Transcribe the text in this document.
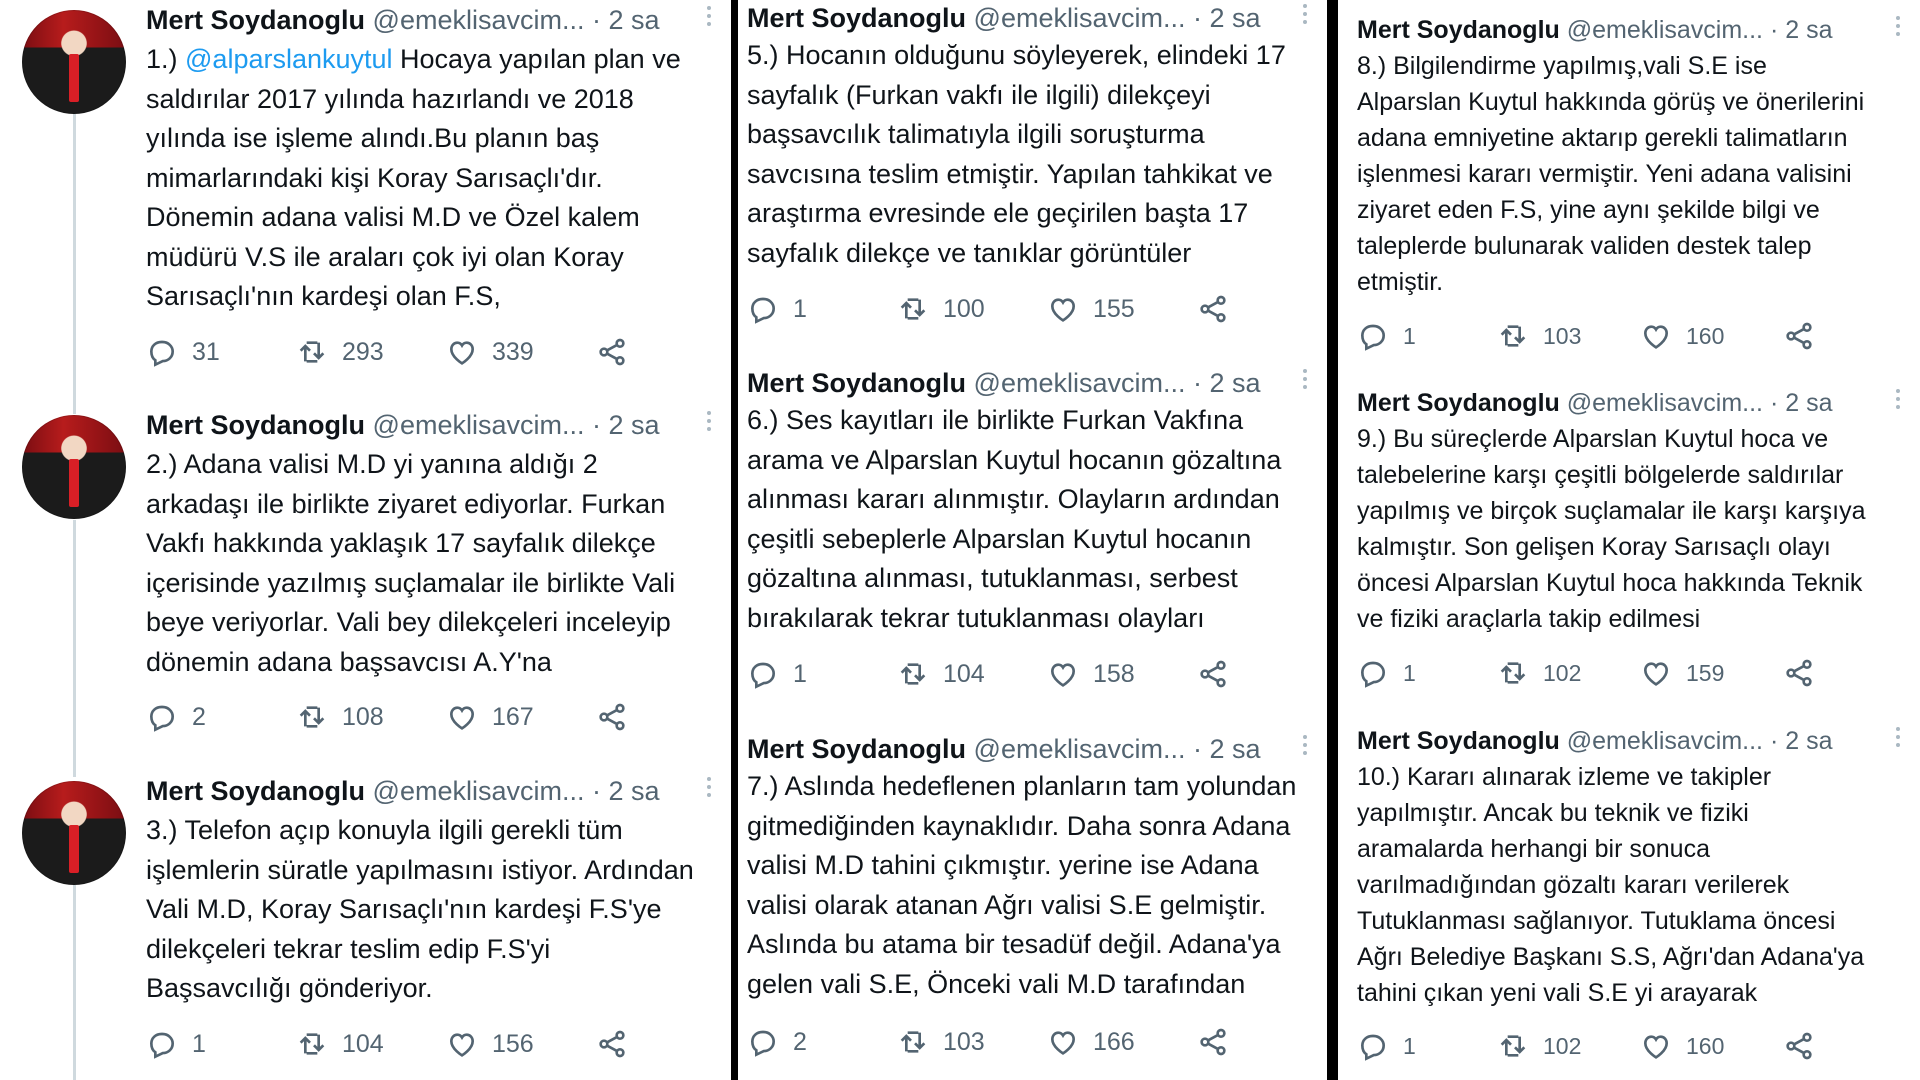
Mert Soydanoglu @emeklisavcim... · 2 sa
1.) @alparslankuytul Hocaya yapılan plan ve
saldırılar 2017 yılında hazırlandı ve 2018
yılında ise işleme alındı.Bu planın baş
mimarlarındaki kişi Koray Sarısaçlı'dır.
Dönemin adana valisi M.D ve Özel kalem
müdürü V.S ile araları çok iyi olan Koray
Sarısaçlı'nın kardeşi olan F.S,
31	293	339
Mert Soydanoglu @emeklisavcim... · 2 sa
2.) Adana valisi M.D yi yanına aldığı 2
arkadaşı ile birlikte ziyaret ediyorlar. Furkan
Vakfı hakkında yaklaşık 17 sayfalık dilekçe
içerisinde yazılmış suçlamalar ile birlikte Vali
beye veriyorlar. Vali bey dilekçeleri inceleyip
dönemin adana başsavcısı A.Y'na
2	108	167
Mert Soydanoglu @emeklisavcim... · 2 sa
3.) Telefon açıp konuyla ilgili gerekli tüm
işlemlerin süratle yapılmasını istiyor. Ardından
Vali M.D, Koray Sarısaçlı'nın kardeşi F.S'ye
dilekçeleri tekrar teslim edip F.S'yi
Başsavcılığı gönderiyor.
1	104	156
Mert Soydanoglu @emeklisavcim... · 2 sa
5.) Hocanın olduğunu söyleyerek, elindeki 17
sayfalık (Furkan vakfı ile ilgili) dilekçeyi
başsavcılık talimatıyla ilgili soruşturma
savcısına teslim etmiştir. Yapılan tahkikat ve
araştırma evresinde ele geçirilen başta 17
sayfalık dilekçe ve tanıklar görüntüler
1	100	155
Mert Soydanoglu @emeklisavcim... · 2 sa
6.) Ses kayıtları ile birlikte Furkan Vakfına
arama ve Alparslan Kuytul hocanın gözaltına
alınması kararı alınmıştır. Olayların ardından
çeşitli sebeplerle Alparslan Kuytul hocanın
gözaltına alınması, tutuklanması, serbest
bırakılarak tekrar tutuklanması olayları
1	104	158
Mert Soydanoglu @emeklisavcim... · 2 sa
7.) Aslında hedeflenen planların tam yolundan
gitmediğinden kaynaklıdır. Daha sonra Adana
valisi M.D tahini çıkmıştır. yerine ise Adana
valisi olarak atanan Ağrı valisi S.E gelmiştir.
Aslında bu atama bir tesadüf değil. Adana'ya
gelen vali S.E, Önceki vali M.D tarafından
2	103	166
Mert Soydanoglu @emeklisavcim... · 2 sa
8.) Bilgilendirme yapılmış,vali S.E ise
Alparslan Kuytul hakkında görüş ve önerilerini
adana emniyetine aktarıp gerekli talimatların
işlenmesi kararı vermiştir. Yeni adana valisini
ziyaret eden F.S, yine aynı şekilde bilgi ve
taleplerde bulunarak validen destek talep
etmiştir.
1	103	160
Mert Soydanoglu @emeklisavcim... · 2 sa
9.) Bu süreçlerde Alparslan Kuytul hoca ve
talebelerine karşı çeşitli bölgelerde saldırılar
yapılmış ve birçok suçlamalar ile karşı karşıya
kalmıştır. Son gelişen Koray Sarısaçlı olayı
öncesi Alparslan Kuytul hoca hakkında Teknik
ve fiziki araçlarla takip edilmesi
1	102	159
Mert Soydanoglu @emeklisavcim... · 2 sa
10.) Kararı alınarak izleme ve takipler
yapılmıştır. Ancak bu teknik ve fiziki
aramalarda herhangi bir sonuca
varılmadığından gözaltı kararı verilerek
Tutuklanması sağlanıyor. Tutuklama öncesi
Ağrı Belediye Başkanı S.S, Ağrı'dan Adana'ya
tahini çıkan yeni vali S.E yi arayarak
1	102	160
